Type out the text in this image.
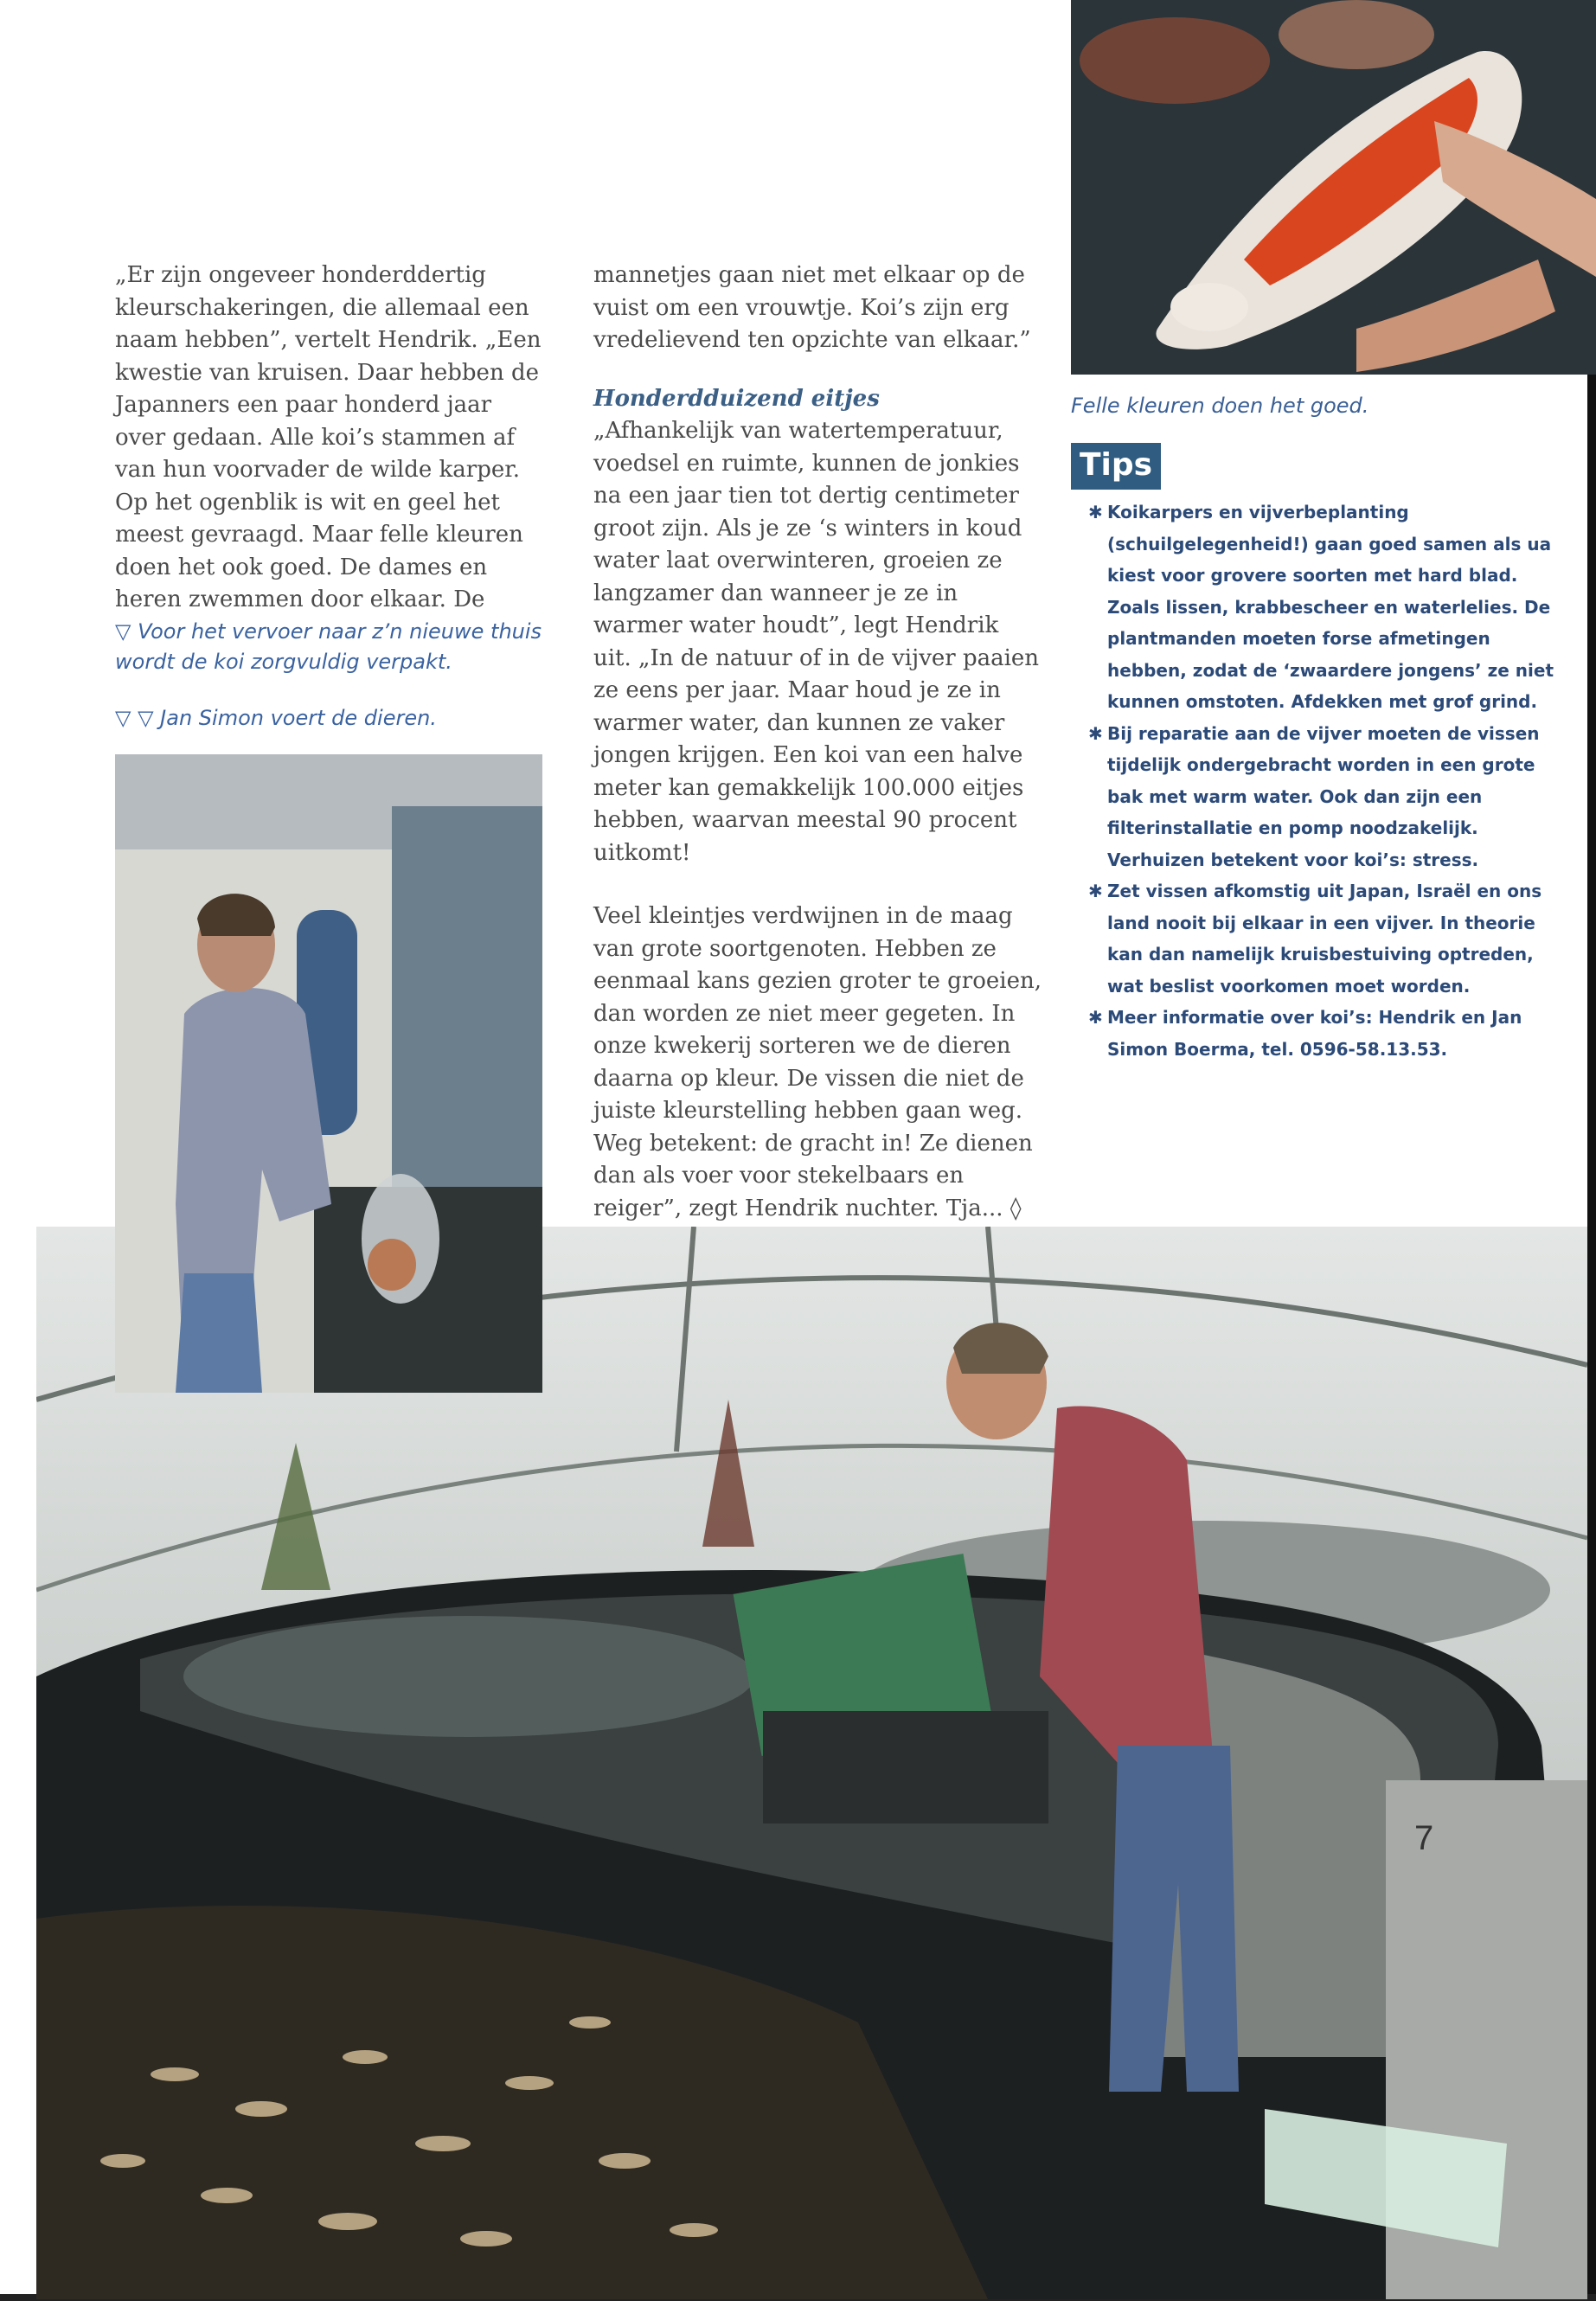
Felle kleuren doen het goed.

„Er zijn ongeveer honderddertig kleurschakeringen, die allemaal een naam hebben”, vertelt Hendrik. „Een kwestie van kruisen. Daar hebben de Japanners een paar honderd jaar over gedaan. Alle koi’s stammen af van hun voorvader de wilde karper. Op het ogenblik is wit en geel het meest gevraagd. Maar felle kleuren doen het ook goed. De dames en heren zwemmen door elkaar. De

▽ Voor het vervoer naar z’n nieuwe thuis wordt de koi zorgvuldig verpakt.
▽ ▽ Jan Simon voert de dieren.

mannetjes gaan niet met elkaar op de vuist om een vrouwtje. Koi’s zijn erg vredelievend ten opzichte van elkaar.”

Honderdduizend eitjes

„Afhankelijk van watertemperatuur, voedsel en ruimte, kunnen de jonkies na een jaar tien tot dertig centimeter groot zijn. Als je ze ‘s winters in koud water laat overwinteren, groeien ze langzamer dan wanneer je ze in warmer water houdt”, legt Hendrik uit. „In de natuur of in de vijver paaien ze eens per jaar. Maar houd je ze in warmer water, dan kunnen ze vaker jongen krijgen. Een koi van een halve meter kan gemakkelijk 100.000 eitjes hebben, waarvan meestal 90 procent uitkomt!

Veel kleintjes verdwijnen in de maag van grote soortgenoten. Hebben ze eenmaal kans gezien groter te groeien, dan worden ze niet meer gegeten. In onze kwekerij sorteren we de dieren daarna op kleur. De vissen die niet de juiste kleurstelling hebben gaan weg. Weg betekent: de gracht in! Ze dienen dan als voer voor stekelbaars en reiger”, zegt Hendrik nuchter. Tja... ◊

Tips
✱ Koikarpers en vijverbeplanting (schuilgelegenheid!) gaan goed samen als ua kiest voor grovere soorten met hard blad. Zoals lissen, krabbescheer en waterlelies. De plantmanden moeten forse afmetingen hebben, zodat de ‘zwaardere jongens’ ze niet kunnen omstoten. Afdekken met grof grind.
✱ Bij reparatie aan de vijver moeten de vissen tijdelijk ondergebracht worden in een grote bak met warm water. Ook dan zijn een filterinstallatie en pomp noodzakelijk. Verhuizen betekent voor koi’s: stress.
✱ Zet vissen afkomstig uit Japan, Israël en ons land nooit bij elkaar in een vijver. In theorie kan dan namelijk kruisbestuiving optreden, wat beslist voorkomen moet worden.
✱ Meer informatie over koi’s: Hendrik en Jan Simon Boerma, tel. 0596-58.13.53.
7
